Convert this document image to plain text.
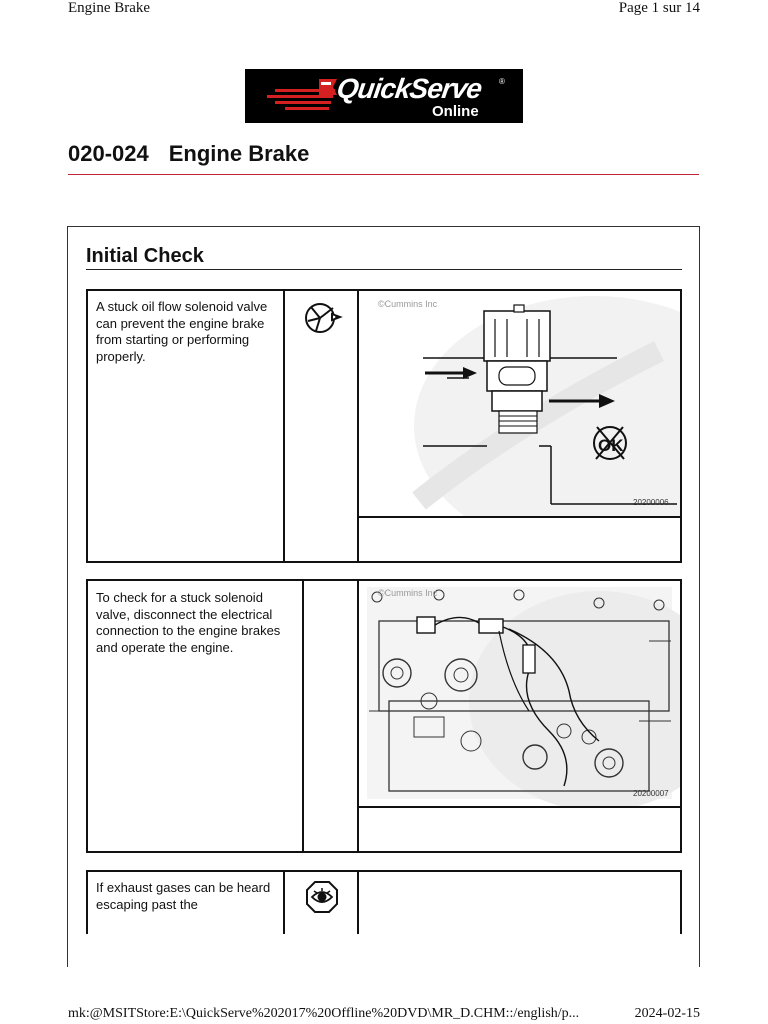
Engine Brake	Page 1 sur 14
QuickServe ®
Online
020-024 Engine Brake
Initial Check
A stuck oil flow solenoid valve can prevent the engine brake from starting or performing properly.
OK
©Cummins Inc
20200006
To check for a stuck solenoid valve, disconnect the electrical connection to the engine brakes and operate the engine.
©Cummins Inc
20200007
If exhaust gases can be heard escaping past the
mk:@MSITStore:E:\QuickServe%202017%20Offline%20DVD\MR_D.CHM::/english/p...	2024-02-15
